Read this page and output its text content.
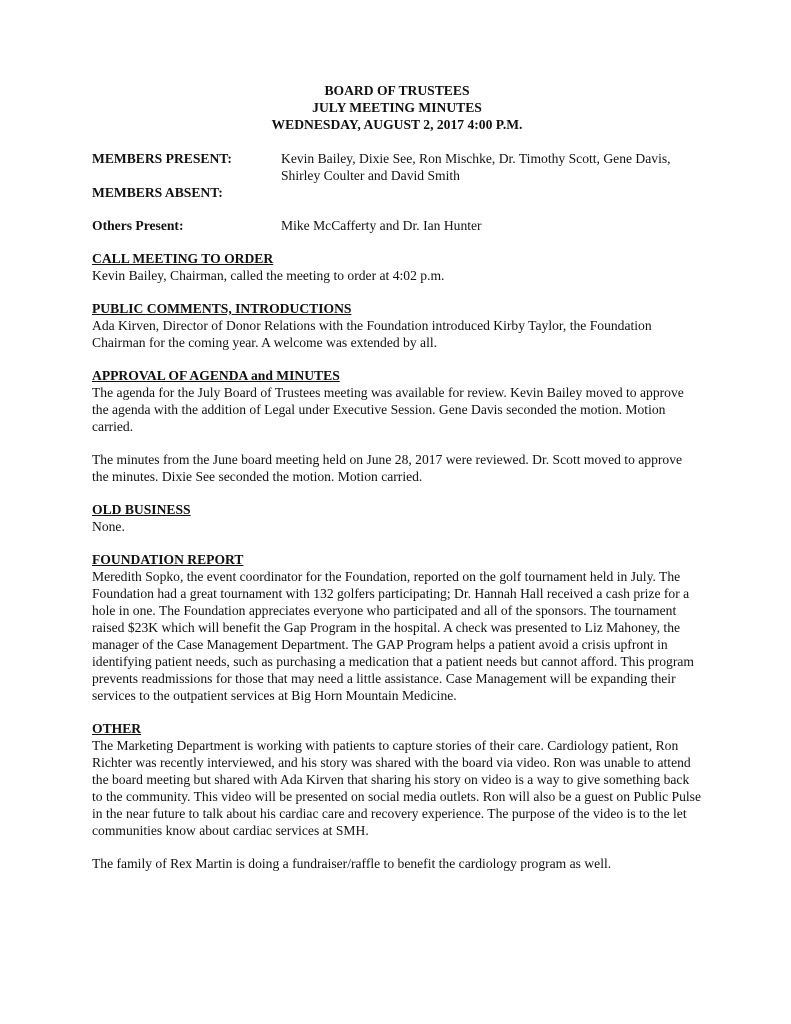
BOARD OF TRUSTEES
JULY MEETING MINUTES
WEDNESDAY, AUGUST 2, 2017 4:00 P.M.
MEMBERS PRESENT:	Kevin Bailey, Dixie See, Ron Mischke, Dr. Timothy Scott, Gene Davis, Shirley Coulter and David Smith
MEMBERS ABSENT:
Others Present:	Mike McCafferty and Dr. Ian Hunter
CALL MEETING TO ORDER

Kevin Bailey, Chairman, called the meeting to order at 4:02 p.m.

PUBLIC COMMENTS, INTRODUCTIONS

Ada Kirven, Director of Donor Relations with the Foundation introduced Kirby Taylor, the Foundation Chairman for the coming year. A welcome was extended by all.

APPROVAL OF AGENDA and MINUTES

The agenda for the July Board of Trustees meeting was available for review. Kevin Bailey moved to approve the agenda with the addition of Legal under Executive Session. Gene Davis seconded the motion. Motion carried.

The minutes from the June board meeting held on June 28, 2017 were reviewed. Dr. Scott moved to approve the minutes. Dixie See seconded the motion. Motion carried.

OLD BUSINESS

None.

FOUNDATION REPORT

Meredith Sopko, the event coordinator for the Foundation, reported on the golf tournament held in July. The Foundation had a great tournament with 132 golfers participating; Dr. Hannah Hall received a cash prize for a hole in one. The Foundation appreciates everyone who participated and all of the sponsors. The tournament raised $23K which will benefit the Gap Program in the hospital. A check was presented to Liz Mahoney, the manager of the Case Management Department. The GAP Program helps a patient avoid a crisis upfront in identifying patient needs, such as purchasing a medication that a patient needs but cannot afford. This program prevents readmissions for those that may need a little assistance. Case Management will be expanding their services to the outpatient services at Big Horn Mountain Medicine.

OTHER

The Marketing Department is working with patients to capture stories of their care. Cardiology patient, Ron Richter was recently interviewed, and his story was shared with the board via video. Ron was unable to attend the board meeting but shared with Ada Kirven that sharing his story on video is a way to give something back to the community. This video will be presented on social media outlets. Ron will also be a guest on Public Pulse in the near future to talk about his cardiac care and recovery experience. The purpose of the video is to the let communities know about cardiac services at SMH.

The family of Rex Martin is doing a fundraiser/raffle to benefit the cardiology program as well.
